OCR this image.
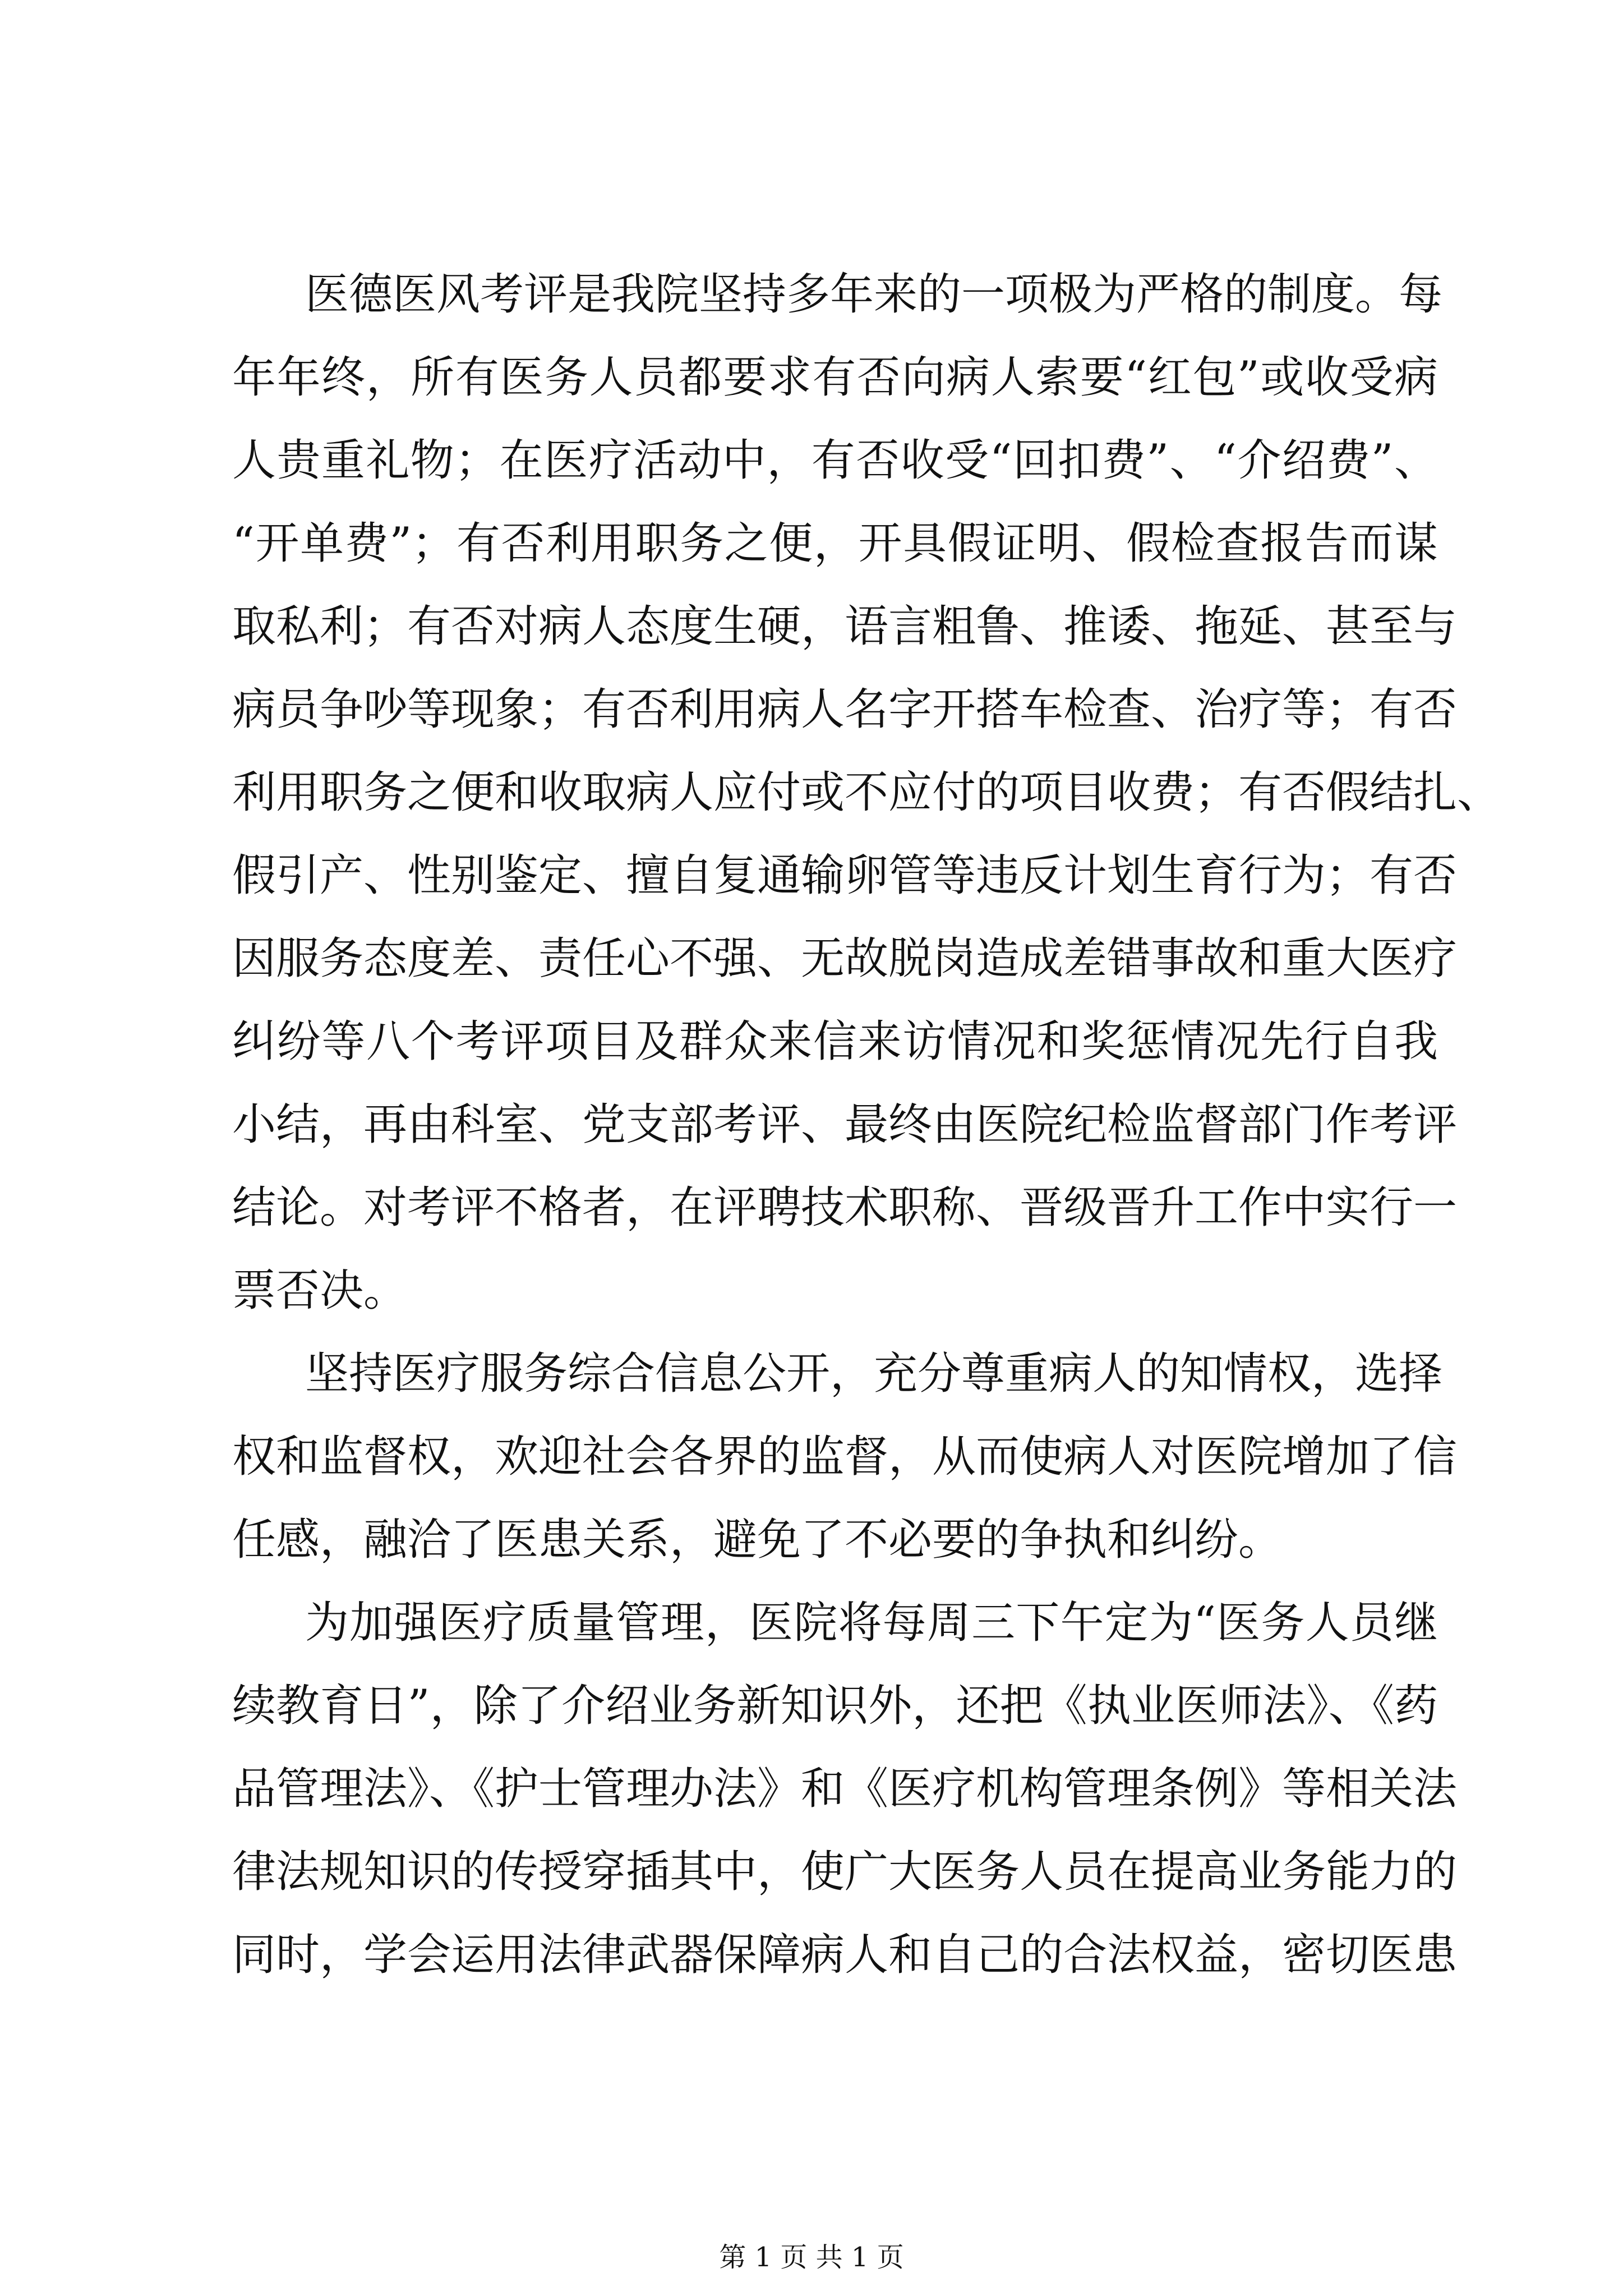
医德医风考评是我院坚持多年来的一项极为严格的制度。每
年年终，所有医务人员都要求有否向病人索要“红包”或收受病
人贵重礼物；在医疗活动中，有否收受“回扣费”、“介绍费”、
“开单费”；有否利用职务之便，开具假证明、假检查报告而谋
取私利；有否对病人态度生硬，语言粗鲁、推诿、拖延、甚至与
病员争吵等现象；有否利用病人名字开搭车检查、治疗等；有否
利用职务之便和收取病人应付或不应付的项目收费；有否假结扎、
假引产、性别鉴定、擅自复通输卵管等违反计划生育行为；有否
因服务态度差、责任心不强、无故脱岗造成差错事故和重大医疗
纠纷等八个考评项目及群众来信来访情况和奖惩情况先行自我
小结，再由科室、党支部考评、最终由医院纪检监督部门作考评
结论。对考评不格者，在评聘技术职称、晋级晋升工作中实行一
票否决。
坚持医疗服务综合信息公开，充分尊重病人的知情权，选择
权和监督权，欢迎社会各界的监督，从而使病人对医院增加了信
任感，融洽了医患关系，避免了不必要的争执和纠纷。
为加强医疗质量管理，医院将每周三下午定为“医务人员继
续教育日”，除了介绍业务新知识外，还把《执业医师法》、《药
品管理法》、《护士管理办法》和《医疗机构管理条例》等相关法
律法规知识的传授穿插其中，使广大医务人员在提高业务能力的
同时，学会运用法律武器保障病人和自己的合法权益，密切医患
第 1 页 共 1 页
